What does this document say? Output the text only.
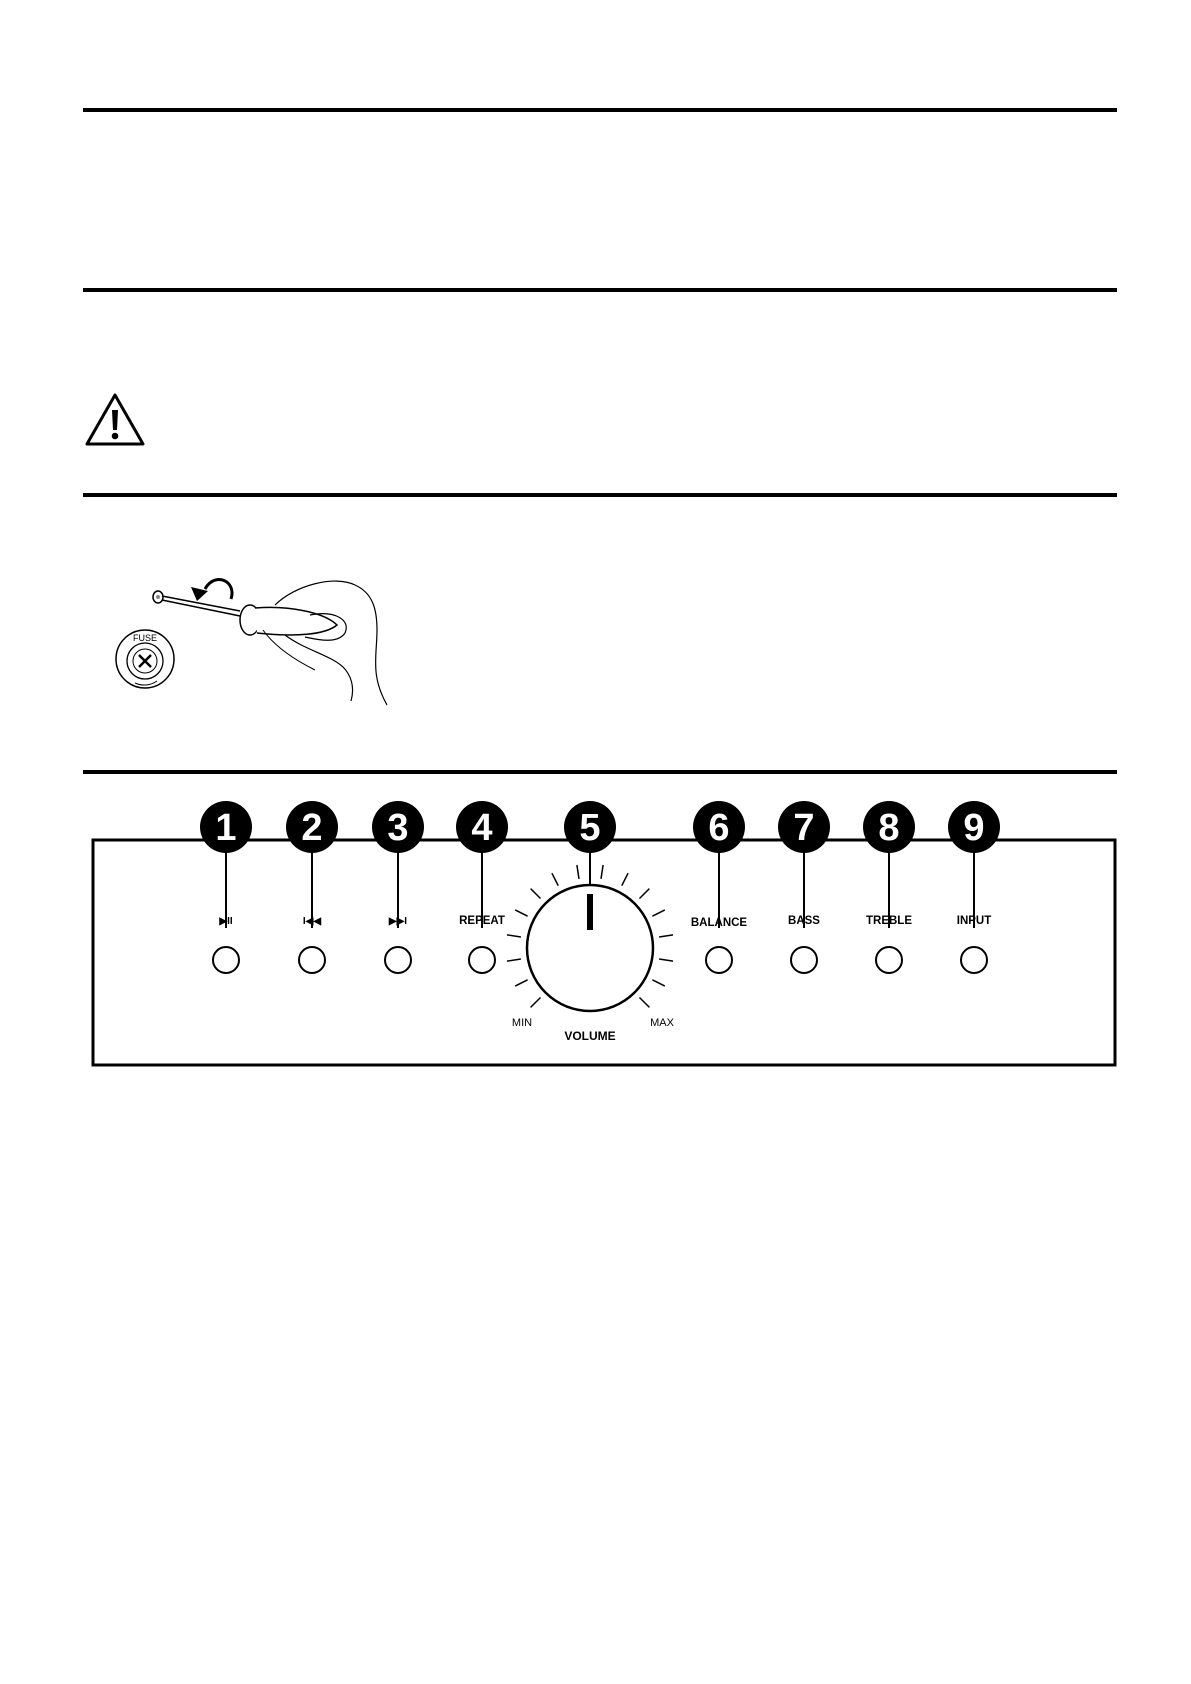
FUSE
1 2 3 4 5	6 7 8 9
▶II	I◀◀	▶▶I	REPEAT	BALANCE	BASS	TREBLE	INPUT
MIN	MAX
VOLUME
